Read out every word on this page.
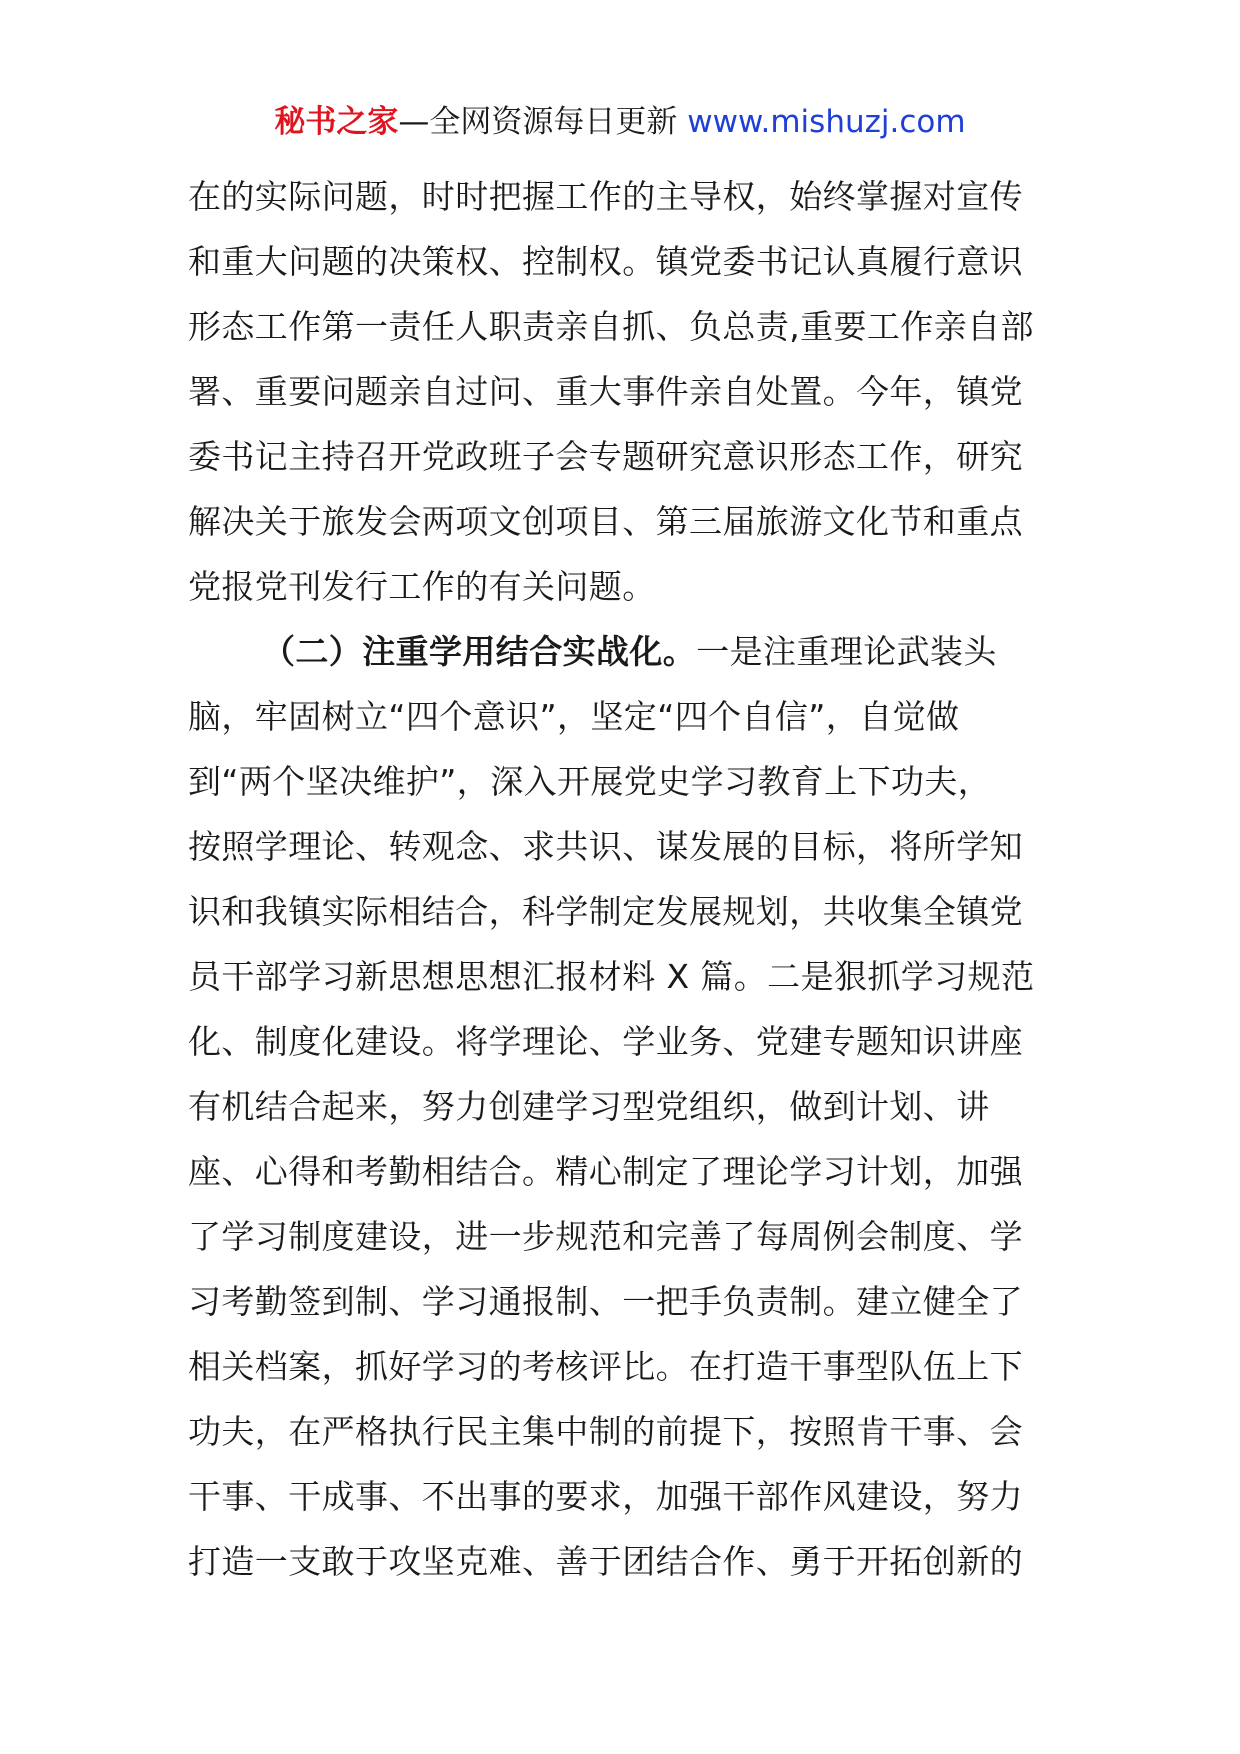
秘书之家—全网资源每日更新 www.mishuzj.com
在的实际问题，时时把握工作的主导权，始终掌握对宣传
和重大问题的决策权、控制权。镇党委书记认真履行意识
形态工作第一责任人职责亲自抓、负总责,重要工作亲自部
署、重要问题亲自过问、重大事件亲自处置。今年，镇党
委书记主持召开党政班子会专题研究意识形态工作，研究
解决关于旅发会两项文创项目、第三届旅游文化节和重点
党报党刊发行工作的有关问题。
（二）注重学用结合实战化。一是注重理论武装头
脑，牢固树立“四个意识”，坚定“四个自信”，自觉做
到“两个坚决维护”，深入开展党史学习教育上下功夫，
按照学理论、转观念、求共识、谋发展的目标，将所学知
识和我镇实际相结合，科学制定发展规划，共收集全镇党
员干部学习新思想思想汇报材料 X 篇。二是狠抓学习规范
化、制度化建设。将学理论、学业务、党建专题知识讲座
有机结合起来，努力创建学习型党组织，做到计划、讲
座、心得和考勤相结合。精心制定了理论学习计划，加强
了学习制度建设，进一步规范和完善了每周例会制度、学
习考勤签到制、学习通报制、一把手负责制。建立健全了
相关档案，抓好学习的考核评比。在打造干事型队伍上下
功夫，在严格执行民主集中制的前提下，按照肯干事、会
干事、干成事、不出事的要求，加强干部作风建设，努力
打造一支敢于攻坚克难、善于团结合作、勇于开拓创新的
